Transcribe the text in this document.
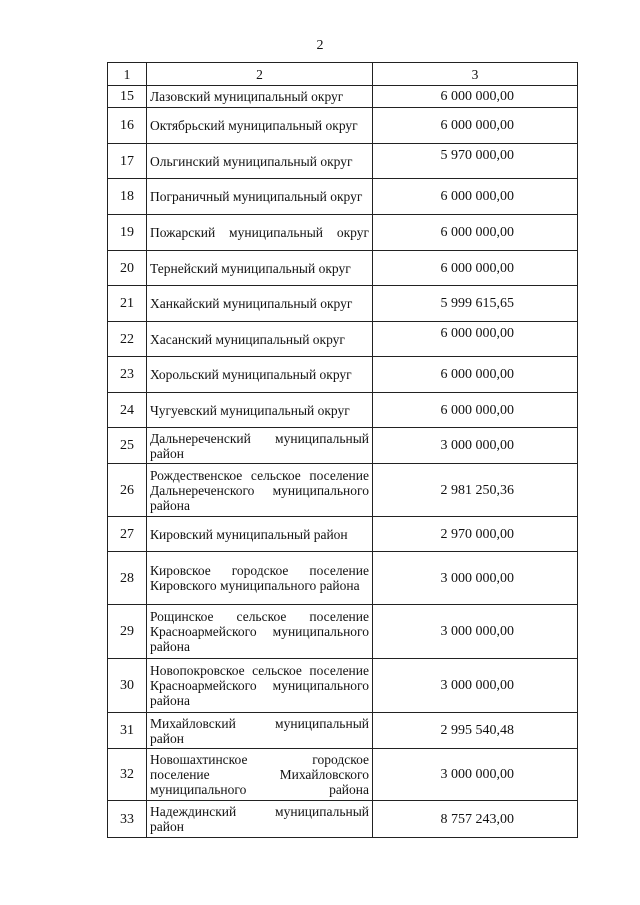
2
1	2	3
15	Лазовский муниципальный округ	6 000 000,00
16	Октябрьский муниципальный округ	6 000 000,00
17	Ольгинский муниципальный округ	5 970 000,00
18	Пограничный муниципальный округ	6 000 000,00
19	Пожарский муниципальный округ	6 000 000,00
20	Тернейский муниципальный округ	6 000 000,00
21	Ханкайский муниципальный округ	5 999 615,65
22	Хасанский муниципальный округ	6 000 000,00
23	Хорольский муниципальный округ	6 000 000,00
24	Чугуевский муниципальный округ	6 000 000,00
25	Дальнереченский муниципальный район	3 000 000,00
26	Рождественское сельское поселение Дальнереченского муниципального района	2 981 250,36
27	Кировский муниципальный район	2 970 000,00
28	Кировское городское поселение Кировского муниципального района	3 000 000,00
29	Рощинское сельское поселение Красноармейского муниципального района	3 000 000,00
30	Новопокровское сельское поселение Красноармейского муниципального района	3 000 000,00
31	Михайловский муниципальный район	2 995 540,48
32	Новошахтинское городское поселение Михайловского муниципального района	3 000 000,00
33	Надеждинский муниципальный район	8 757 243,00
